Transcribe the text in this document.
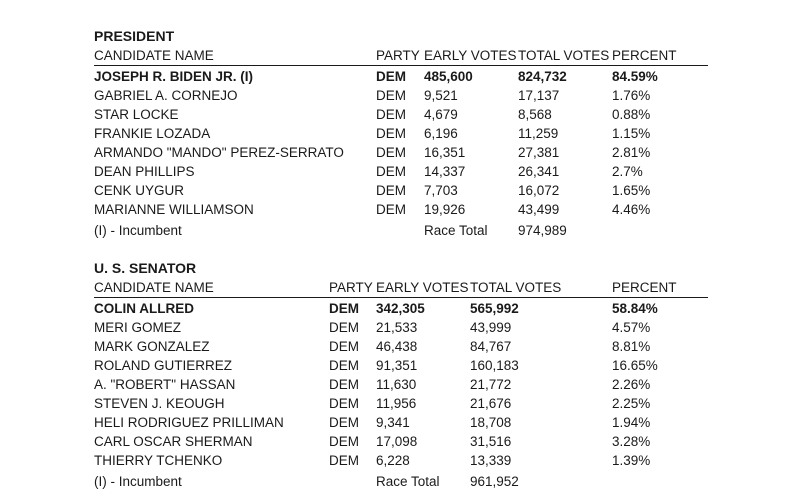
PRESIDENT
CANDIDATE NAME	PARTY EARLY VOTES TOTAL VOTES PERCENT
JOSEPH R. BIDEN JR. (I)	DEM 485,600	824,732	84.59%
GABRIEL A. CORNEJO	DEM 9,521	17,137	1.76%
STAR LOCKE	DEM 4,679	8,568	0.88%
FRANKIE LOZADA	DEM 6,196	11,259	1.15%
ARMANDO "MANDO" PEREZ-SERRATO DEM 16,351	27,381	2.81%
DEAN PHILLIPS	DEM 14,337	26,341	2.7%
CENK UYGUR	DEM 7,703	16,072	1.65%
MARIANNE WILLIAMSON	DEM 19,926	43,499	4.46%
(I) - Incumbent	Race Total 974,989
U. S. SENATOR
CANDIDATE NAME	PARTY EARLY VOTES TOTAL VOTES	PERCENT
COLIN ALLRED	DEM 342,305	565,992	58.84%
MERI GOMEZ	DEM 21,533	43,999	4.57%
MARK GONZALEZ	DEM 46,438	84,767	8.81%
ROLAND GUTIERREZ	DEM 91,351	160,183	16.65%
A. "ROBERT" HASSAN	DEM 11,630	21,772	2.26%
STEVEN J. KEOUGH	DEM 11,956	21,676	2.25%
HELI RODRIGUEZ PRILLIMAN	DEM 9,341	18,708	1.94%
CARL OSCAR SHERMAN	DEM 17,098	31,516	3.28%
THIERRY TCHENKO	DEM 6,228	13,339	1.39%
(I) - Incumbent	Race Total 961,952
